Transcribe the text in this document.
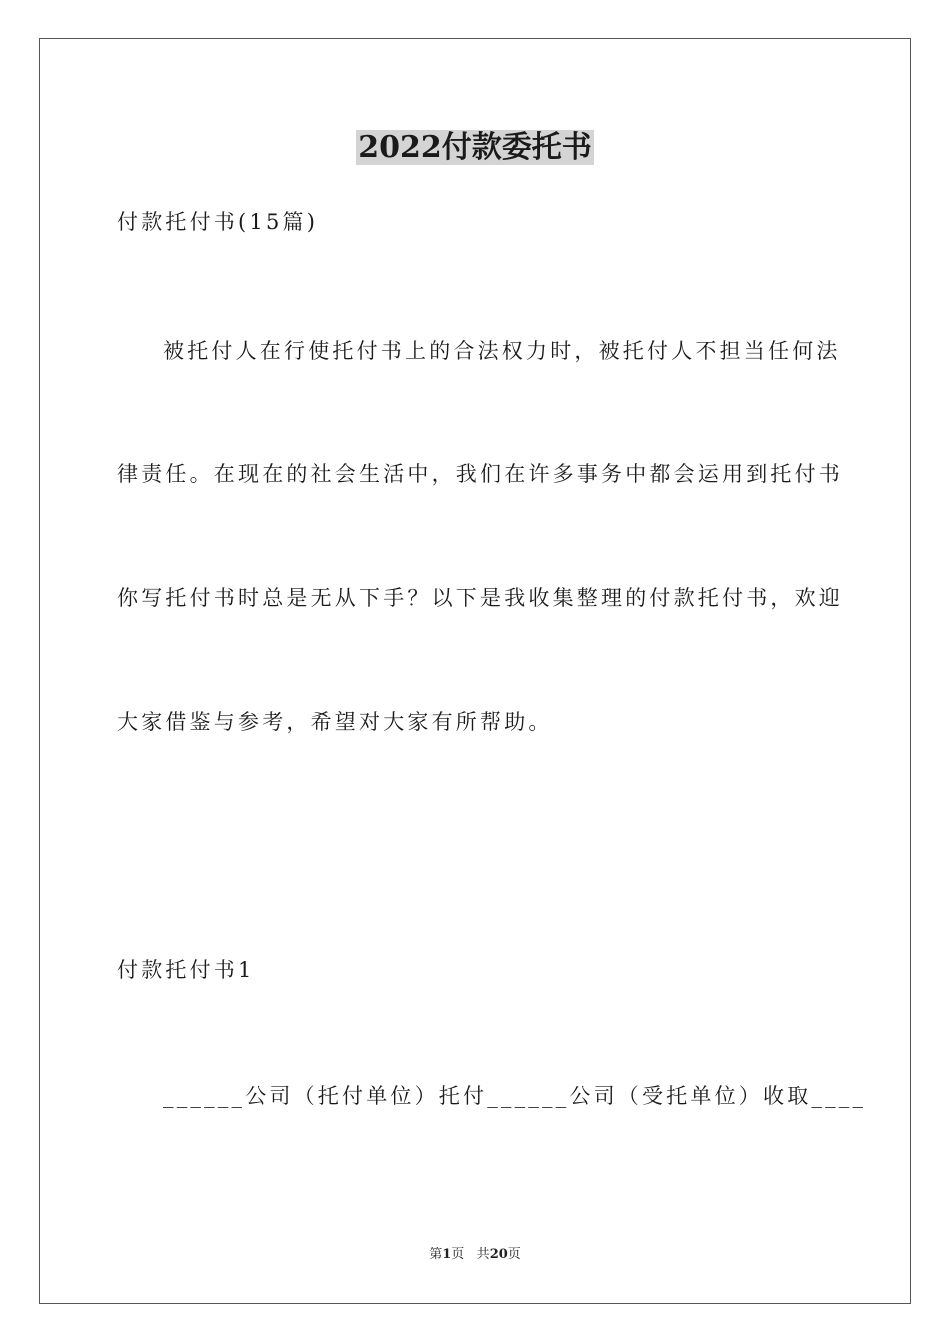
2022付款委托书
付款托付书(15篇)
被托付人在行使托付书上的合法权力时，被托付人不担当任何法
律责任。在现在的社会生活中，我们在许多事务中都会运用到托付书
你写托付书时总是无从下手？以下是我收集整理的付款托付书，欢迎
大家借鉴与参考，希望对大家有所帮助。
付款托付书1
______公司（托付单位）托付______公司（受托单位）收取____
第1页 共20页
